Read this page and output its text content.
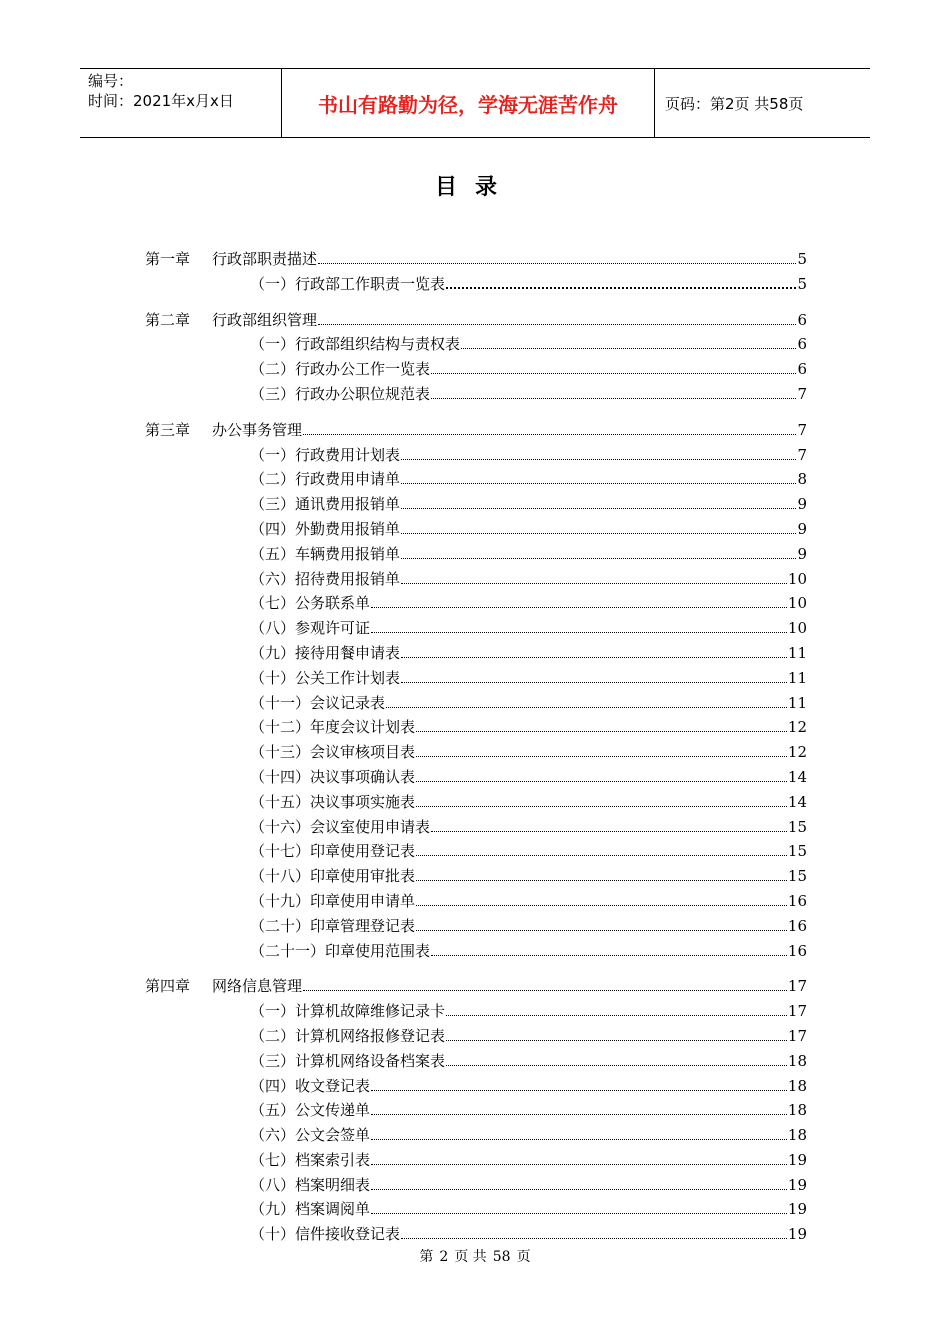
编号：
时间：2021年x月x日	书山有路勤为径，学海无涯苦作舟	页码：第2页 共58页
目录
第一章 行政部职责描述	5
（一）行政部工作职责一览表	5
第二章 行政部组织管理	6
（一）行政部组织结构与责权表	6
（二）行政办公工作一览表	6
（三）行政办公职位规范表	7
第三章 办公事务管理	7
（一）行政费用计划表	7
（二）行政费用申请单	8
（三）通讯费用报销单	9
（四）外勤费用报销单	9
（五）车辆费用报销单	9
（六）招待费用报销单	10
（七）公务联系单	10
（八）参观许可证	10
（九）接待用餐申请表	11
（十）公关工作计划表	11
（十一）会议记录表	11
（十二）年度会议计划表	12
（十三）会议审核项目表	12
（十四）决议事项确认表	14
（十五）决议事项实施表	14
（十六）会议室使用申请表	15
（十七）印章使用登记表	15
（十八）印章使用审批表	15
（十九）印章使用申请单	16
（二十）印章管理登记表	16
（二十一）印章使用范围表	16
第四章 网络信息管理	17
（一）计算机故障维修记录卡	17
（二）计算机网络报修登记表	17
（三）计算机网络设备档案表	18
（四）收文登记表	18
（五）公文传递单	18
（六）公文会签单	18
（七）档案索引表	19
（八）档案明细表	19
（九）档案调阅单	19
（十）信件接收登记表	19
第 2 页 共 58 页
